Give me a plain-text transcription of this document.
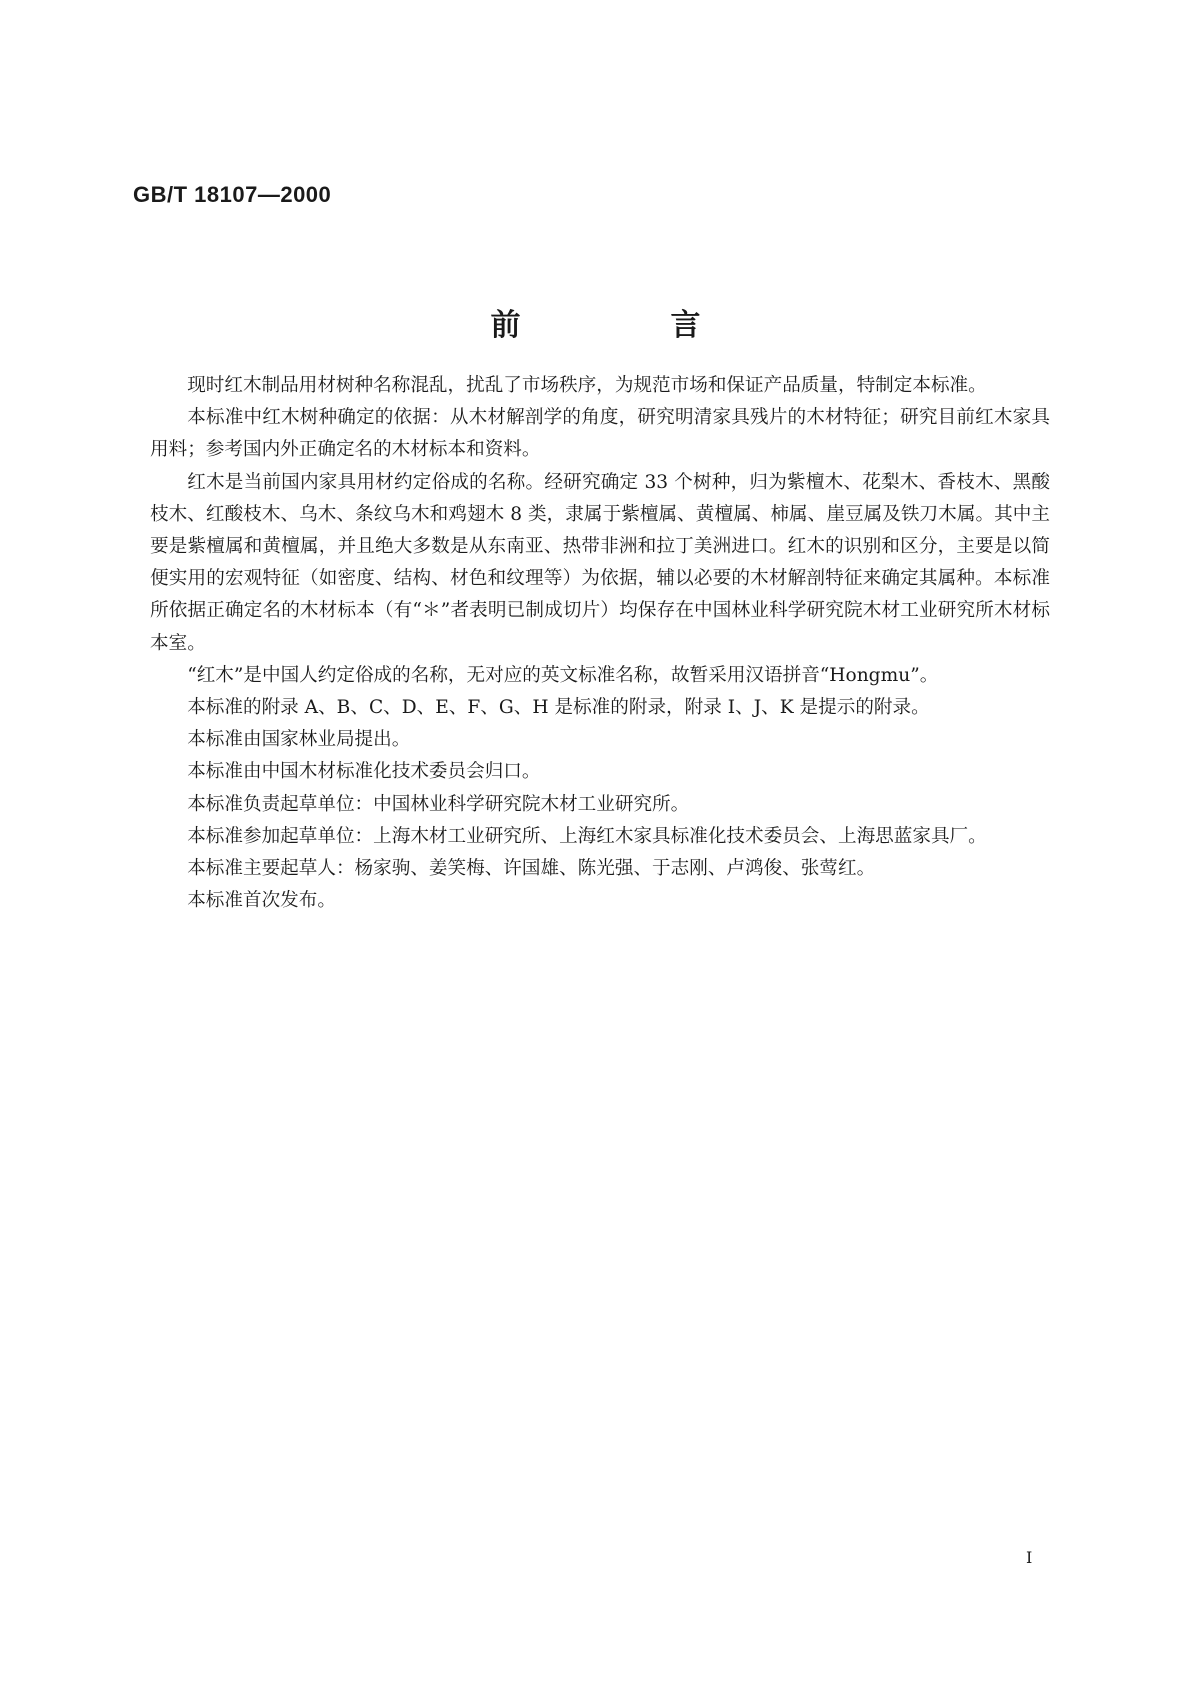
GB/T 18107—2000

前　言

现时红木制品用材树种名称混乱，扰乱了市场秩序，为规范市场和保证产品质量，特制定本标准。

本标准中红木树种确定的依据：从木材解剖学的角度，研究明清家具残片的木材特征；研究目前红木家具用料；参考国内外正确定名的木材标本和资料。

红木是当前国内家具用材约定俗成的名称。经研究确定 33 个树种，归为紫檀木、花梨木、香枝木、黑酸枝木、红酸枝木、乌木、条纹乌木和鸡翅木 8 类，隶属于紫檀属、黄檀属、柿属、崖豆属及铁刀木属。其中主要是紫檀属和黄檀属，并且绝大多数是从东南亚、热带非洲和拉丁美洲进口。红木的识别和区分，主要是以简便实用的宏观特征（如密度、结构、材色和纹理等）为依据，辅以必要的木材解剖特征来确定其属种。本标准所依据正确定名的木材标本（有“＊”者表明已制成切片）均保存在中国林业科学研究院木材工业研究所木材标本室。

“红木”是中国人约定俗成的名称，无对应的英文标准名称，故暂采用汉语拼音“Hongmu”。

本标准的附录 A、B、C、D、E、F、G、H 是标准的附录，附录 I、J、K 是提示的附录。

本标准由国家林业局提出。

本标准由中国木材标准化技术委员会归口。

本标准负责起草单位：中国林业科学研究院木材工业研究所。

本标准参加起草单位：上海木材工业研究所、上海红木家具标准化技术委员会、上海思蓝家具厂。

本标准主要起草人：杨家驹、姜笑梅、许国雄、陈光强、于志刚、卢鸿俊、张莺红。

本标准首次发布。

I
